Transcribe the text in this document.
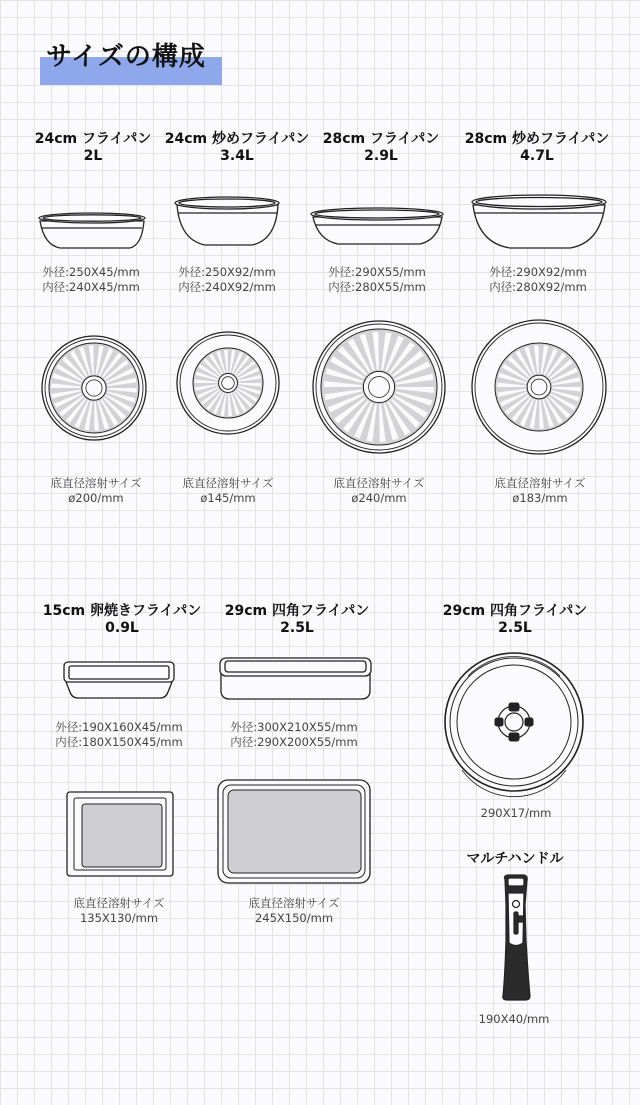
サイズの構成
24cm フライパン
2L
24cm 炒めフライパン
3.4L
28cm フライパン
2.9L
28cm 炒めフライパン
4.7L
外径:250X45/mm
内径:240X45/mm
外径:250X92/mm
内径:240X92/mm
外径:290X55/mm
内径:280X55/mm
外径:290X92/mm
内径:280X92/mm
底直径溶射サイズ
ø200/mm
底直径溶射サイズ
ø145/mm
底直径溶射サイズ
ø240/mm
底直径溶射サイズ
ø183/mm
15cm 卵焼きフライパン
0.9L
29cm 四角フライパン
2.5L
29cm 四角フライパン
2.5L
外径:190X160X45/mm
内径:180X150X45/mm
外径:300X210X55/mm
内径:290X200X55/mm
290X17/mm
底直径溶射サイズ
135X130/mm
底直径溶射サイズ
245X150/mm
マルチハンドル
190X40/mm
